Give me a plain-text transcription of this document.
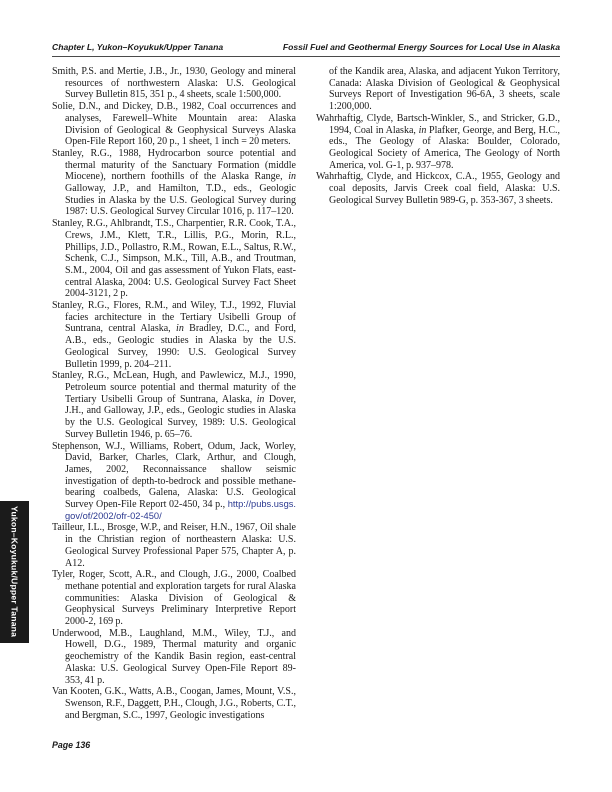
Chapter L, Yukon–Koyukuk/Upper Tanana	Fossil Fuel and Geothermal Energy Sources for Local Use in Alaska

Smith, P.S. and Mertie, J.B., Jr., 1930, Geology and mineral resources of northwestern Alaska: U.S. Geological Survey Bulletin 815, 351 p., 4 sheets, scale 1:500,000.

Solie, D.N., and Dickey, D.B., 1982, Coal occurrences and analyses, Farewell–White Mountain area: Alaska Division of Geological & Geophysical Surveys Alaska Open-File Report 160, 20 p., 1 sheet, 1 inch = 20 meters.

Stanley, R.G., 1988, Hydrocarbon source potential and thermal maturity of the Sanctuary Formation (middle Miocene), northern foothills of the Alaska Range, in Galloway, J.P., and Hamilton, T.D., eds., Geologic Studies in Alaska by the U.S. Geological Survey during 1987: U.S. Geological Survey Circular 1016, p. 117–120.

Stanley, R.G., Ahlbrandt, T.S., Charpentier, R.R. Cook, T.A., Crews, J.M., Klett, T.R., Lillis, P.G., Morin, R.L., Phillips, J.D., Pollastro, R.M., Rowan, E.L., Saltus, R.W., Schenk, C.J., Simpson, M.K., Till, A.B., and Troutman, S.M., 2004, Oil and gas assessment of Yukon Flats, east-central Alaska, 2004: U.S. Geological Survey Fact Sheet 2004-3121, 2 p.

Stanley, R.G., Flores, R.M., and Wiley, T.J., 1992, Fluvial facies architecture in the Tertiary Usibelli Group of Suntrana, central Alaska, in Bradley, D.C., and Ford, A.B., eds., Geologic studies in Alaska by the U.S. Geological Survey, 1990: U.S. Geological Survey Bulletin 1999, p. 204–211.

Stanley, R.G., McLean, Hugh, and Pawlewicz, M.J., 1990, Petroleum source potential and thermal maturity of the Tertiary Usibelli Group of Suntrana, Alaska, in Dover, J.H., and Galloway, J.P., eds., Geologic studies in Alaska by the U.S. Geological Survey, 1989: U.S. Geological Survey Bulletin 1946, p. 65–76.

Stephenson, W.J., Williams, Robert, Odum, Jack, Worley, David, Barker, Charles, Clark, Arthur, and Clough, James, 2002, Reconnaissance shallow seismic investigation of depth-to-bedrock and possible methane-bearing coalbeds, Galena, Alaska: U.S. Geological Survey Open-File Report 02-450, 34 p., http://pubs.usgs.gov/of/2002/ofr-02-450/

Tailleur, I.L., Brosge, W.P., and Reiser, H.N., 1967, Oil shale in the Christian region of northeastern Alaska: U.S. Geological Survey Professional Paper 575, Chapter A, p. A12.

Tyler, Roger, Scott, A.R., and Clough, J.G., 2000, Coalbed methane potential and exploration targets for rural Alaska communities: Alaska Division of Geological & Geophysical Surveys Preliminary Interpretive Report 2000-2, 169 p.

Underwood, M.B., Laughland, M.M., Wiley, T.J., and Howell, D.G., 1989, Thermal maturity and organic geochemistry of the Kandik Basin region, east-central Alaska: U.S. Geological Survey Open-File Report 89-353, 41 p.

Van Kooten, G.K., Watts, A.B., Coogan, James, Mount, V.S., Swenson, R.F., Daggett, P.H., Clough, J.G., Roberts, C.T., and Bergman, S.C., 1997, Geologic investigations

of the Kandik area, Alaska, and adjacent Yukon Territory, Canada: Alaska Division of Geological & Geophysical Surveys Report of Investigation 96-6A, 3 sheets, scale 1:200,000.

Wahrhaftig, Clyde, Bartsch-Winkler, S., and Stricker, G.D., 1994, Coal in Alaska, in Plafker, George, and Berg, H.C., eds., The Geology of Alaska: Boulder, Colorado, Geological Society of America, The Geology of North America, vol. G-1, p. 937–978.

Wahrhaftig, Clyde, and Hickcox, C.A., 1955, Geology and coal deposits, Jarvis Creek coal field, Alaska: U.S. Geological Survey Bulletin 989-G, p. 353-367, 3 sheets.

Yukon–Koyukuk/Upper Tanana
Page 136
